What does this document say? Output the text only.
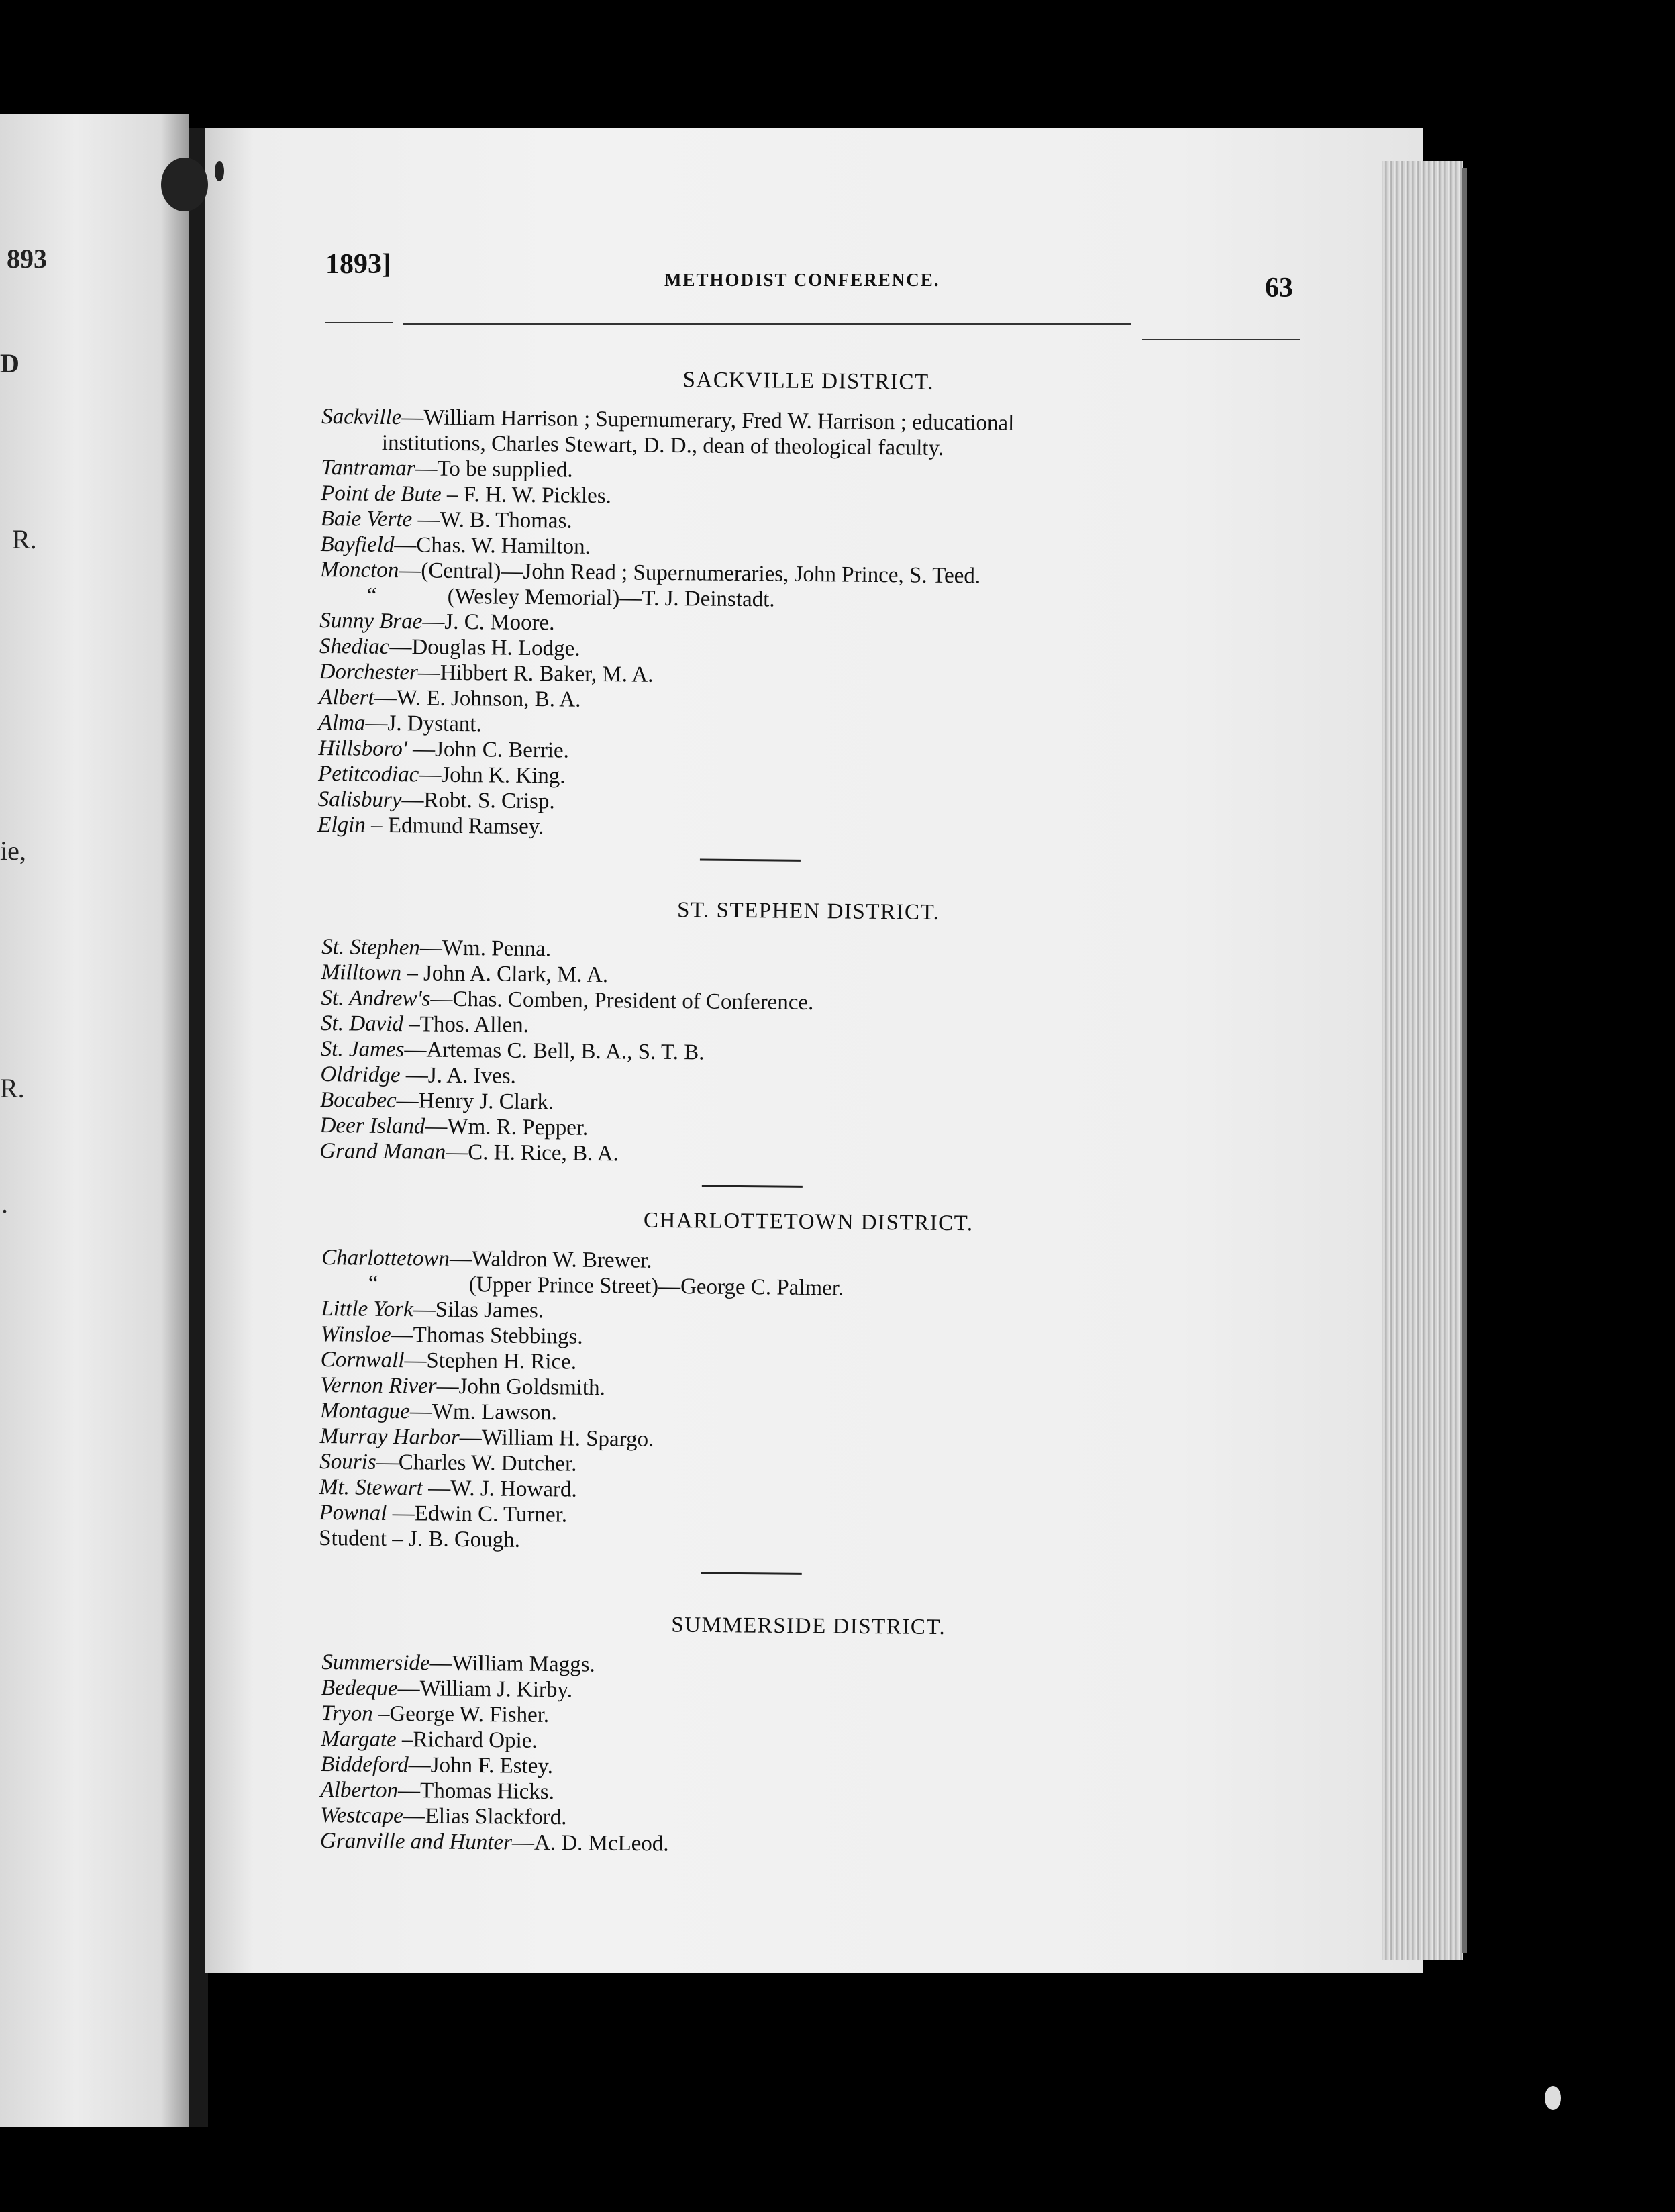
893
D
R.
ie,
R.
.
1893]	METHODIST CONFERENCE.	63
SACKVILLE DISTRICT.

Sackville—William Harrison ; Supernumerary, Fred W. Harrison ; educational

institutions, Charles Stewart, D. D., dean of theological faculty.

Tantramar—To be supplied.

Point de Bute – F. H. W. Pickles.

Baie Verte —W. B. Thomas.

Bayfield—Chas. W. Hamilton.

Moncton—(Central)—John Read ; Supernumeraries, John Prince, S. Teed.

“	(Wesley Memorial)—T. J. Deinstadt.

Sunny Brae—J. C. Moore.

Shediac—Douglas H. Lodge.

Dorchester—Hibbert R. Baker, M. A.

Albert—W. E. Johnson, B. A.

Alma—J. Dystant.

Hillsboro' —John C. Berrie.

Petitcodiac—John K. King.

Salisbury—Robt. S. Crisp.

Elgin – Edmund Ramsey.

ST. STEPHEN DISTRICT.

St. Stephen—Wm. Penna.

Milltown – John A. Clark, M. A.

St. Andrew's—Chas. Comben, President of Conference.

St. David –Thos. Allen.

St. James—Artemas C. Bell, B. A., S. T. B.

Oldridge —J. A. Ives.

Bocabec—Henry J. Clark.

Deer Island—Wm. R. Pepper.

Grand Manan—C. H. Rice, B. A.

CHARLOTTETOWN DISTRICT.

Charlottetown—Waldron W. Brewer.

“	(Upper Prince Street)—George C. Palmer.

Little York—Silas James.

Winsloe—Thomas Stebbings.

Cornwall—Stephen H. Rice.

Vernon River—John Goldsmith.

Montague—Wm. Lawson.

Murray Harbor—William H. Spargo.

Souris—Charles W. Dutcher.

Mt. Stewart —W. J. Howard.

Pownal —Edwin C. Turner.

Student – J. B. Gough.

SUMMERSIDE DISTRICT.

Summerside—William Maggs.

Bedeque—William J. Kirby.

Tryon –George W. Fisher.

Margate –Richard Opie.

Biddeford—John F. Estey.

Alberton—Thomas Hicks.

Westcape—Elias Slackford.

Granville and Hunter—A. D. McLeod.
